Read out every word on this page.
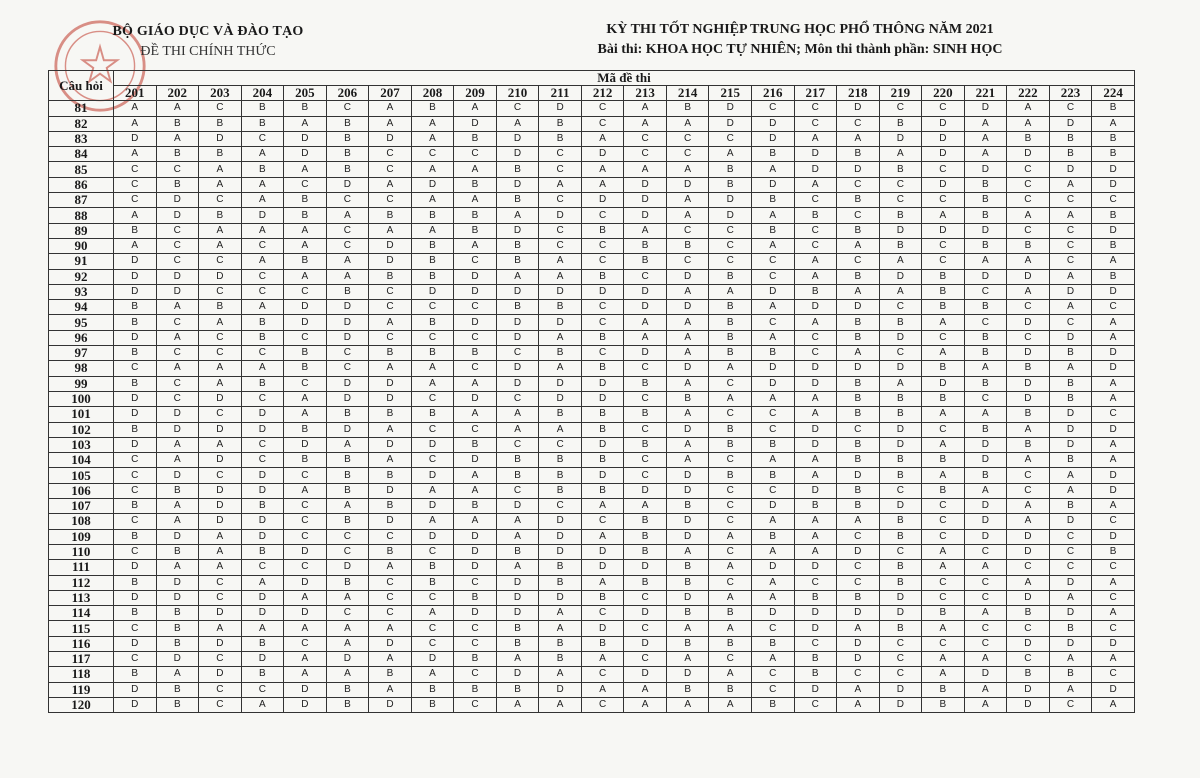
BỘ GIÁO DỤC VÀ ĐÀO TẠO
ĐỀ THI CHÍNH THỨC
KỲ THI TỐT NGHIỆP TRUNG HỌC PHỔ THÔNG NĂM 2021
Bài thi: KHOA HỌC TỰ NHIÊN; Môn thi thành phần: SINH HỌC
Câu hỏi	Mã đề thi																							
	201	202	203	204	205	206	207	208	209	210	211	212	213	214	215	216	217	218	219	220	221	222	223	224
81	A	A	C	B	B	C	A	B	A	C	D	C	A	B	D	C	C	D	C	C	D	A	C	B
82	A	B	B	B	A	B	A	A	D	A	B	C	A	A	D	D	C	C	B	D	A	A	D	A
83	D	A	D	C	D	B	D	A	B	D	B	A	C	C	C	D	A	A	D	D	A	B	B	B
84	A	B	B	A	D	B	C	C	C	D	C	D	C	C	A	B	D	B	A	D	A	D	B	B
85	C	C	A	B	A	B	C	A	A	B	C	A	A	A	B	A	D	D	B	C	D	C	D	D
86	C	B	A	A	C	D	A	D	B	D	A	A	D	D	B	D	A	C	C	D	B	C	A	D
87	C	D	C	A	B	C	C	A	A	B	C	D	D	A	D	B	C	B	C	C	B	C	C	C
88	A	D	B	D	B	A	B	B	B	A	D	C	D	A	D	A	B	C	B	A	B	A	A	B
89	B	C	A	A	A	C	A	A	B	D	C	B	A	C	C	B	C	B	D	D	D	C	C	D
90	A	C	A	C	A	C	D	B	A	B	C	C	B	B	C	A	C	A	B	C	B	B	C	B
91	D	C	C	A	B	A	D	B	C	B	A	C	B	C	C	C	A	C	A	C	A	A	C	A
92	D	D	D	C	A	A	B	B	D	A	A	B	C	D	B	C	A	B	D	B	D	D	A	B
93	D	D	C	C	C	B	C	D	D	D	D	D	D	A	A	D	B	A	A	B	C	A	D	D
94	B	A	B	A	D	D	C	C	C	B	B	C	D	D	B	A	D	D	C	B	B	C	A	C
95	B	C	A	B	D	D	A	B	D	D	D	C	A	A	B	C	A	B	B	A	C	D	C	A
96	D	A	C	B	C	D	C	C	C	D	A	B	A	A	B	A	C	B	D	C	B	C	D	A
97	B	C	C	C	B	C	B	B	B	C	B	C	D	A	B	B	C	A	C	A	B	D	B	D
98	C	A	A	A	B	C	A	A	C	D	A	B	C	D	A	D	D	D	D	B	A	B	A	D
99	B	C	A	B	C	D	D	A	A	D	D	D	B	A	C	D	D	B	A	D	B	D	B	A
100	D	C	D	C	A	D	D	C	D	C	D	D	C	B	A	A	A	B	B	B	C	D	B	A
101	D	D	C	D	A	B	B	B	A	A	B	B	B	A	C	C	A	B	B	A	A	B	D	C
102	B	D	D	D	B	D	A	C	C	A	A	B	C	D	B	C	D	C	D	C	B	A	D	D
103	D	A	A	C	D	A	D	D	B	C	C	D	B	A	B	B	D	B	D	A	D	B	D	A
104	C	A	D	C	B	B	A	C	D	B	B	B	C	A	C	A	A	B	B	B	D	A	B	A
105	C	D	C	D	C	B	B	D	A	B	B	D	C	D	B	B	A	D	B	A	B	C	A	D
106	C	B	D	D	A	B	D	A	A	C	B	B	D	D	C	C	D	B	C	B	A	C	A	D
107	B	A	D	B	C	A	B	D	B	D	C	A	A	B	C	D	B	B	D	C	D	A	B	A
108	C	A	D	D	C	B	D	A	A	A	D	C	B	D	C	A	A	A	B	C	D	A	D	C
109	B	D	A	D	C	C	C	D	D	A	D	A	B	D	A	B	A	C	B	C	D	D	C	D
110	C	B	A	B	D	C	B	C	D	B	D	D	B	A	C	A	A	D	C	A	C	D	C	B
111	D	A	A	C	C	D	A	B	D	A	B	D	D	B	A	D	D	C	B	A	A	C	C	C
112	B	D	C	A	D	B	C	B	C	D	B	A	B	B	C	A	C	C	B	C	C	A	D	A
113	D	D	C	D	A	A	C	C	B	D	D	B	C	D	A	A	B	B	D	C	C	D	A	C
114	B	B	D	D	D	C	C	A	D	D	A	C	D	B	B	D	D	D	D	B	A	B	D	A
115	C	B	A	A	A	A	A	C	C	B	A	D	C	A	A	C	D	A	B	A	C	C	B	C
116	D	B	D	B	C	A	D	C	C	B	B	B	D	B	B	B	C	D	C	C	C	D	D	D
117	C	D	C	D	A	D	A	D	B	A	B	A	C	A	C	A	B	D	C	A	A	C	A	A
118	B	A	D	B	A	A	B	A	C	D	A	C	D	D	A	C	B	C	C	A	D	B	B	C
119	D	B	C	C	D	B	A	B	B	B	D	A	A	B	B	C	D	A	D	B	A	D	A	D
120	D	B	C	A	D	B	D	B	C	A	A	C	A	A	A	B	C	A	D	B	A	D	C	A
